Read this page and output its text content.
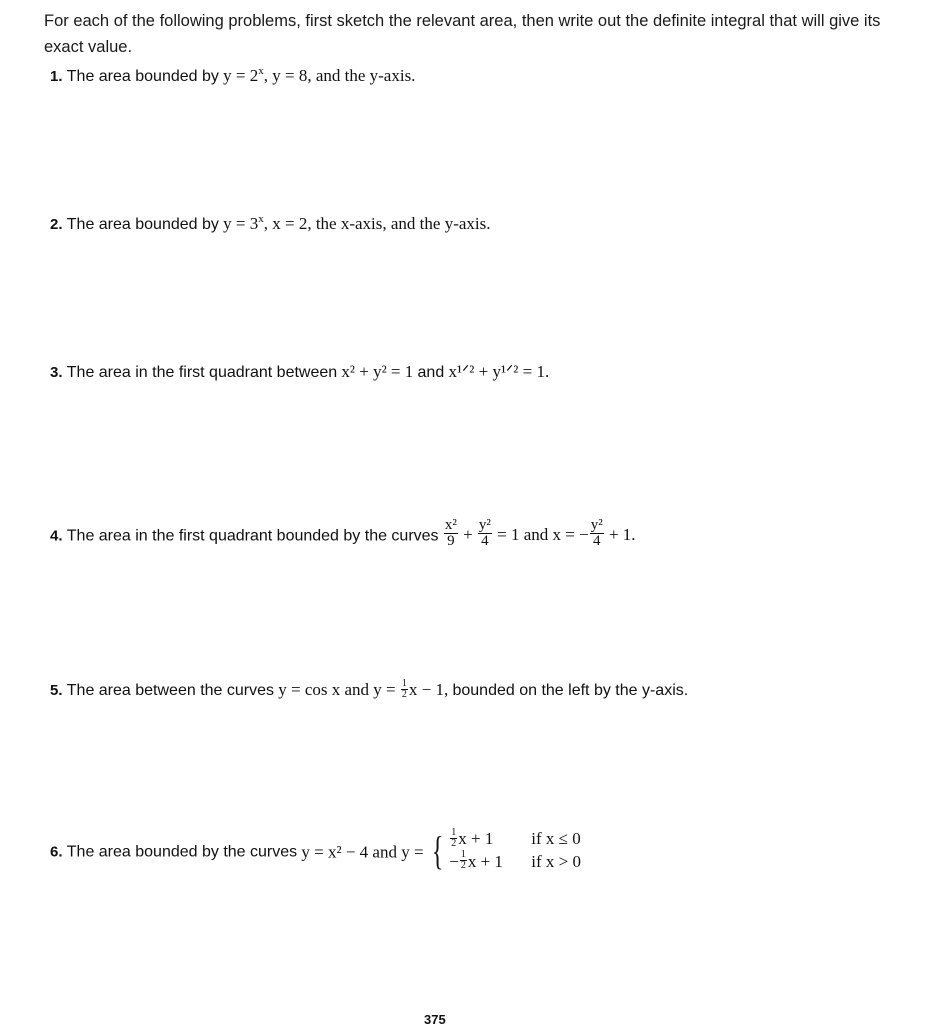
For each of the following problems, first sketch the relevant area, then write out the definite integral that will give its exact value.
1. The area bounded by $y = 2^x$, y = 8, and the y-axis.
2. The area bounded by $y = 3^x$, x = 2, the x-axis, and the y-axis.
3. The area in the first quadrant between x² + y² = 1 and x¹ᐟ² + y¹ᐟ² = 1.
4. The area in the first quadrant bounded by the curves $\frac{\text{x²}}{9} + \frac{\text{y²}}{4} = 1$ and x = − $\frac{\text{y²}}{4} + 1$.
5. The area between the curves y = cos x and $y = \frac{1}{2}$ x − 1, bounded on the left by the y-axis.
6. The area bounded by the curves y = x² − 4 and y = { $\frac{1}{2}$ x + 1	if x ≤ 0
− $\frac{1}{2}$ x + 1	if x > 0
375
